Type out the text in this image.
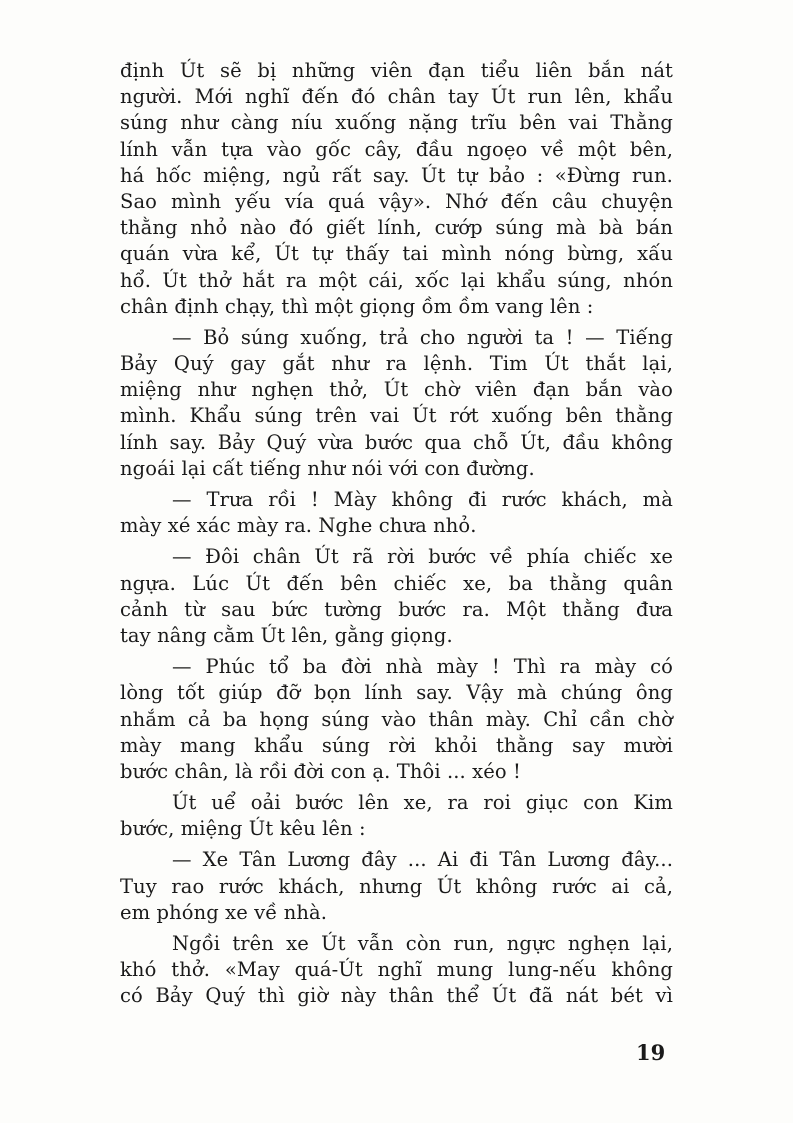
định Út sẽ bị những viên đạn tiểu liên bắn nát
người. Mới nghĩ đến đó chân tay Út run lên, khẩu
súng như càng níu xuống nặng trĩu bên vai Thằng
lính vẫn tựa vào gốc cây, đầu ngoẹo về một bên,
há hốc miệng, ngủ rất say. Út tự bảo : «Đừng run.
Sao mình yếu vía quá vậy». Nhớ đến câu chuyện
thằng nhỏ nào đó giết lính, cướp súng mà bà bán
quán vừa kể, Út tự thấy tai mình nóng bừng, xấu
hổ. Út thở hắt ra một cái, xốc lại khẩu súng, nhón
chân định chạy, thì một giọng ồm ồm vang lên :
— Bỏ súng xuống, trả cho người ta ! — Tiếng
Bảy Quý gay gắt như ra lệnh. Tim Út thắt lại,
miệng như nghẹn thở, Út chờ viên đạn bắn vào
mình. Khẩu súng trên vai Út rớt xuống bên thằng
lính say. Bảy Quý vừa bước qua chỗ Út, đầu không
ngoái lại cất tiếng như nói với con đường.
— Trưa rồi ! Mày không đi rước khách, mà
mày xé xác mày ra. Nghe chưa nhỏ.
— Đôi chân Út rã rời bước về phía chiếc xe
ngựa. Lúc Út đến bên chiếc xe, ba thằng quân
cảnh từ sau bức tường bước ra. Một thằng đưa
tay nâng cằm Út lên, gằng giọng.
— Phúc tổ ba đời nhà mày ! Thì ra mày có
lòng tốt giúp đỡ bọn lính say. Vậy mà chúng ông
nhắm cả ba họng súng vào thân mày. Chỉ cần chờ
mày mang khẩu súng rời khỏi thằng say mười
bước chân, là rồi đời con ạ. Thôi ... xéo !
Út uể oải bước lên xe, ra roi giục con Kim
bước, miệng Út kêu lên :
— Xe Tân Lương đây ... Ai đi Tân Lương đây...
Tuy rao rước khách, nhưng Út không rước ai cả,
em phóng xe về nhà.
Ngồi trên xe Út vẫn còn run, ngực nghẹn lại,
khó thở. «May quá-Út nghĩ mung lung-nếu không
có Bảy Quý thì giờ này thân thể Út đã nát bét vì
19
